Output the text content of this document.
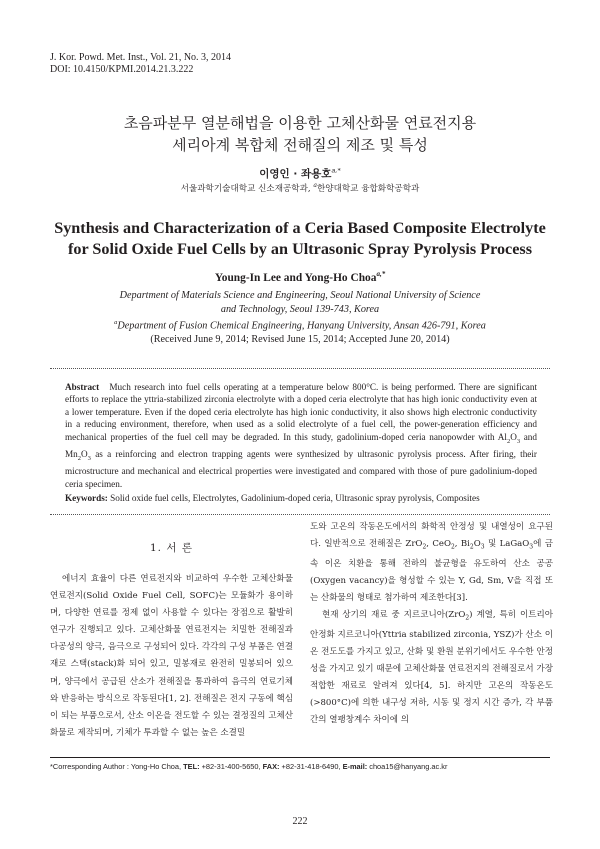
J. Kor. Powd. Met. Inst., Vol. 21, No. 3, 2014
DOI: 10.4150/KPMI.2014.21.3.222
초음파분무 열분해법을 이용한 고체산화물 연료전지용
세리아계 복합체 전해질의 제조 및 특성
이영인 · 좌용호$^{a,*}$
서울과학기술대학교 신소재공학과, $^a$한양대학교 융합화학공학과
Synthesis and Characterization of a Ceria Based Composite Electrolyte
for Solid Oxide Fuel Cells by an Ultrasonic Spray Pyrolysis Process
Young-In Lee and Yong-Ho Choa$^{a,*}$
Department of Materials Science and Engineering, Seoul National University of Science
and Technology, Seoul 139-743, Korea
$^a$Department of Fusion Chemical Engineering, Hanyang University, Ansan 426-791, Korea
(Received June 9, 2014; Revised June 15, 2014; Accepted June 20, 2014)
Abstract Much research into fuel cells operating at a temperature below 800°C. is being performed. There are significant efforts to replace the yttria-stabilized zirconia electrolyte with a doped ceria electrolyte that has high ionic conductivity even at a lower temperature. Even if the doped ceria electrolyte has high ionic conductivity, it also shows high electronic conductivity in a reducing environment, therefore, when used as a solid electrolyte of a fuel cell, the power-generation efficiency and mechanical properties of the fuel cell may be degraded. In this study, gadolinium-doped ceria nanopowder with $Al_2O_3$ and $Mn_2O_3$ as a reinforcing and electron trapping agents were synthesized by ultrasonic pyrolysis process. After firing, their microstructure and mechanical and electrical properties were investigated and compared with those of pure gadolinium-doped ceria specimen.
Keywords: Solid oxide fuel cells, Electrolytes, Gadolinium-doped ceria, Ultrasonic spray pyrolysis, Composites
1. 서 론

에너지 효율이 다른 연료전지와 비교하여 우수한 고체산화물 연료전지(Solid Oxide Fuel Cell, SOFC)는 모듈화가 용이하며, 다양한 연료를 정제 없이 사용할 수 있다는 장점으로 활발히 연구가 진행되고 있다. 고체산화물 연료전지는 치밀한 전해질과 다공성의 양극, 음극으로 구성되어 있다. 각각의 구성 부품은 연결재로 스택(stack)화 되어 있고, 밀봉재로 완전히 밀봉되어 있으며, 양극에서 공급된 산소가 전해질을 통과하여 음극의 연료기체와 반응하는 방식으로 작동된다[1, 2]. 전해질은 전지 구동에 핵심이 되는 부품으로서, 산소 이온을 전도할 수 있는 결정질의 고체산화물로 제작되며, 기체가 투과할 수 없는 높은 소결밀

도와 고온의 작동온도에서의 화학적 안정성 및 내열성이 요구된다. 일반적으로 전해질은 ZrO$_2$, CeO$_2$, $Bi_2O_3$ 및 LaGaO$_3$에 금속 이온 치환을 통해 전하의 불균형을 유도하여 산소 공공(Oxygen vacancy)을 형성할 수 있는 Y, Gd, Sm, V을 직접 또는 산화물의 형태로 첨가하여 제조한다[3].

현재 상기의 재료 중 지르코니아(ZrO$_2$) 계열, 특히 이트리아 안정화 지르코니아(Yttria stabilized zirconia, YSZ)가 산소 이온 전도도를 가지고 있고, 산화 및 환원 분위기에서도 우수한 안정성을 가지고 있기 때문에 고체산화물 연료전지의 전해질로서 가장 적합한 재료로 알려져 있다[4, 5]. 하지만 고온의 작동온도(>800°C)에 의한 내구성 저하, 시동 및 정지 시간 증가, 각 부품간의 열팽창계수 차이에 의

*Corresponding Author : Yong-Ho Choa, TEL: +82-31-400-5650, FAX: +82-31-418-6490, E-mail: choa15@hanyang.ac.kr
222
